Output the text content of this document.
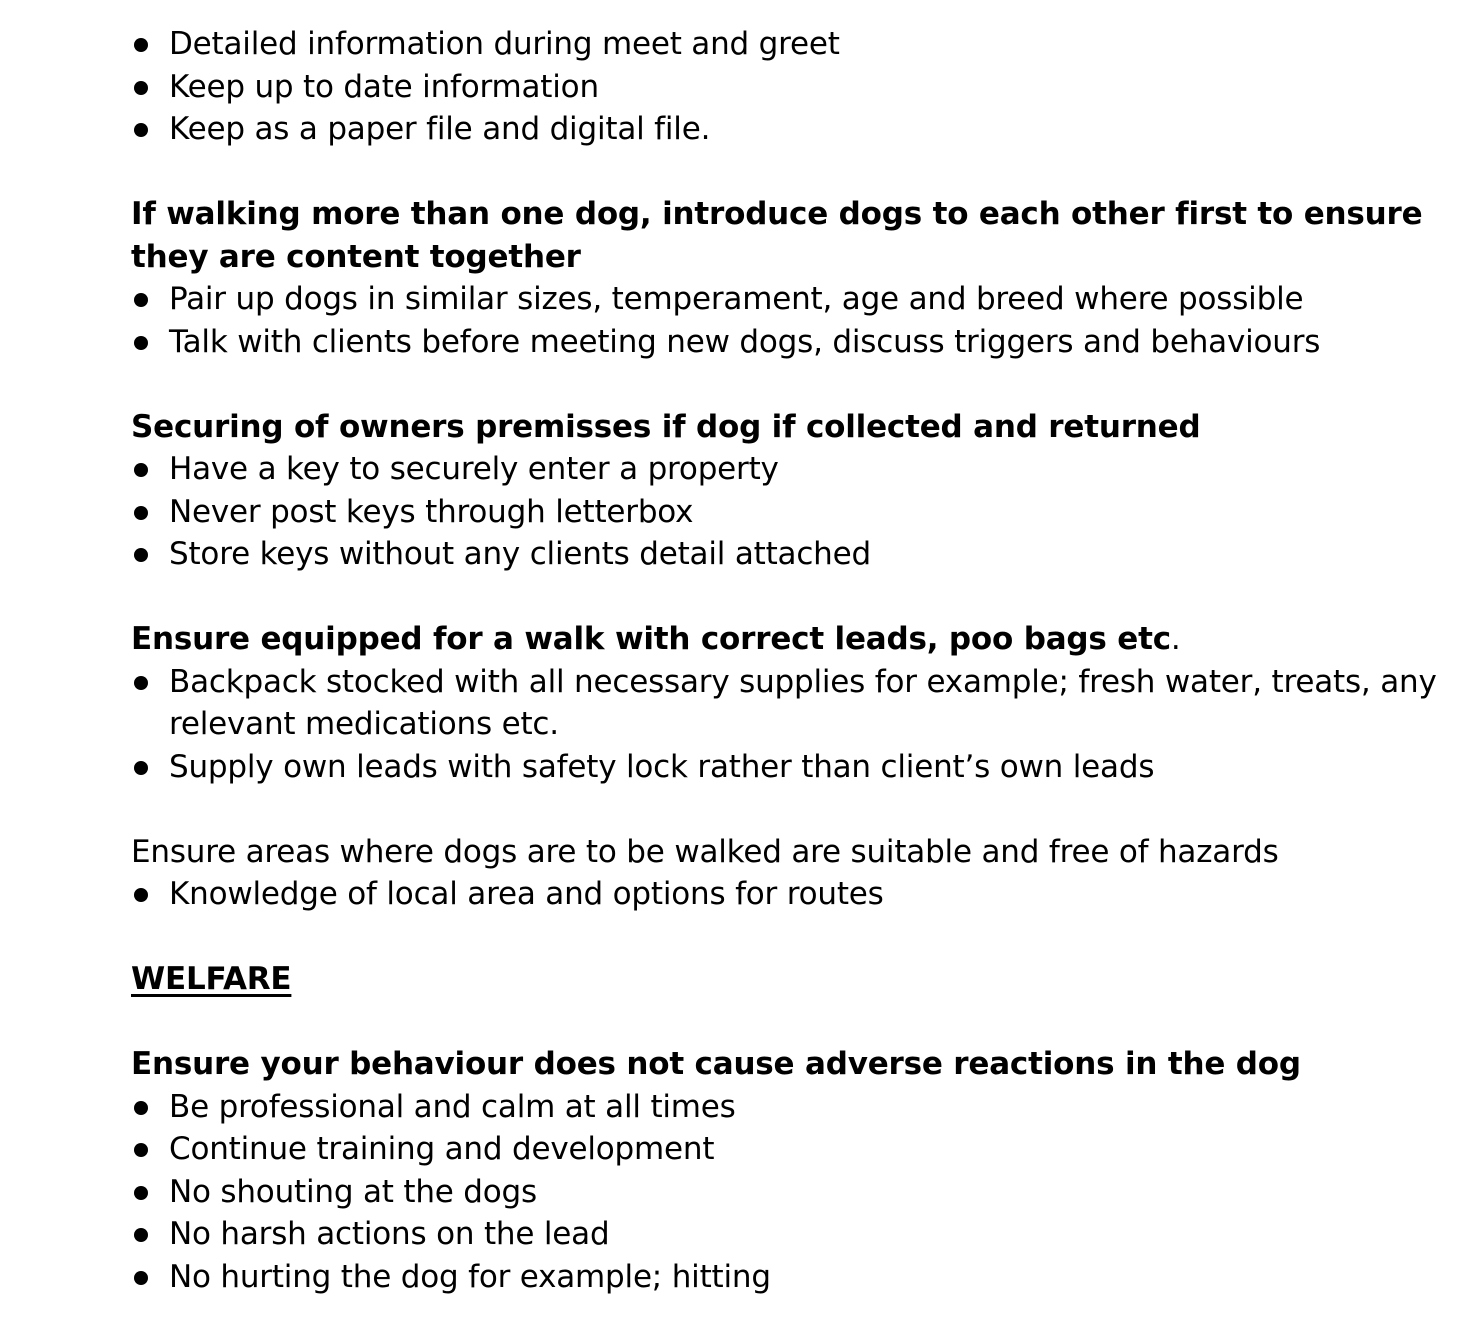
Detailed information during meet and greet
Keep up to date information
Keep as a paper file and digital file.
If walking more than one dog, introduce dogs to each other first to ensure they are content together
Pair up dogs in similar sizes, temperament, age and breed where possible
Talk with clients before meeting new dogs, discuss triggers and behaviours
Securing of owners premisses if dog if collected and returned
Have a key to securely enter a property
Never post keys through letterbox
Store keys without any clients detail attached
Ensure equipped for a walk with correct leads, poo bags etc.
Backpack stocked with all necessary supplies for example; fresh water, treats, any relevant medications etc.
Supply own leads with safety lock rather than client’s own leads
Ensure areas where dogs are to be walked are suitable and free of hazards
Knowledge of local area and options for routes
WELFARE
Ensure your behaviour does not cause adverse reactions in the dog
Be professional and calm at all times
Continue training and development
No shouting at the dogs
No harsh actions on the lead
No hurting the dog for example; hitting
